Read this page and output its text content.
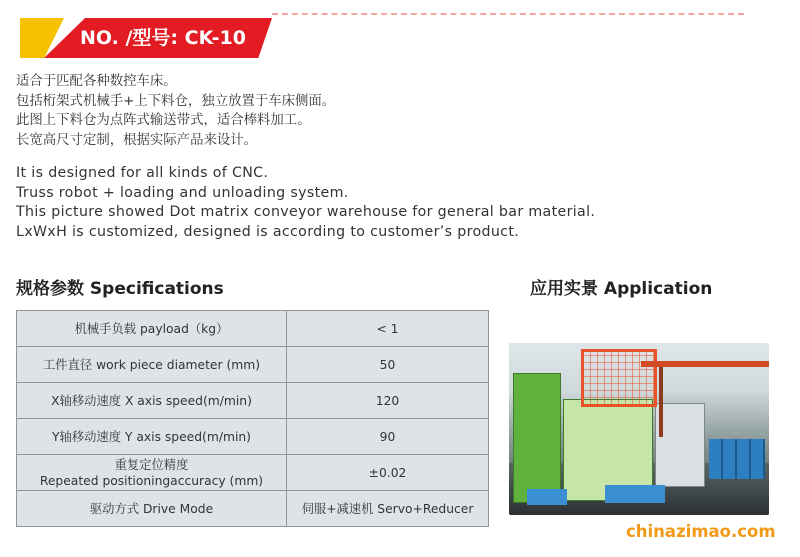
NO. /型号: CK-10
适合于匹配各种数控车床。
包括桁架式机械手+上下料仓，独立放置于车床侧面。
此图上下料仓为点阵式输送带式，适合棒料加工。
长宽高尺寸定制，根据实际产品来设计。
It is designed for all kinds of CNC.
Truss robot + loading and unloading system.
This picture showed Dot matrix conveyor warehouse for general bar material.
LxWxH is customized, designed is according to customer’s product.
规格参数 Specifications	应用实景 Application
机械手负载 payload（kg）	< 1
工件直径 work piece diameter (mm)	50
X轴移动速度 X axis speed(m/min)	120
Y轴移动速度 Y axis speed(m/min)	90
重复定位精度
Repeated positioningaccuracy (mm)	±0.02
驱动方式 Drive Mode	伺服+减速机 Servo+Reducer
chinazimao.com
